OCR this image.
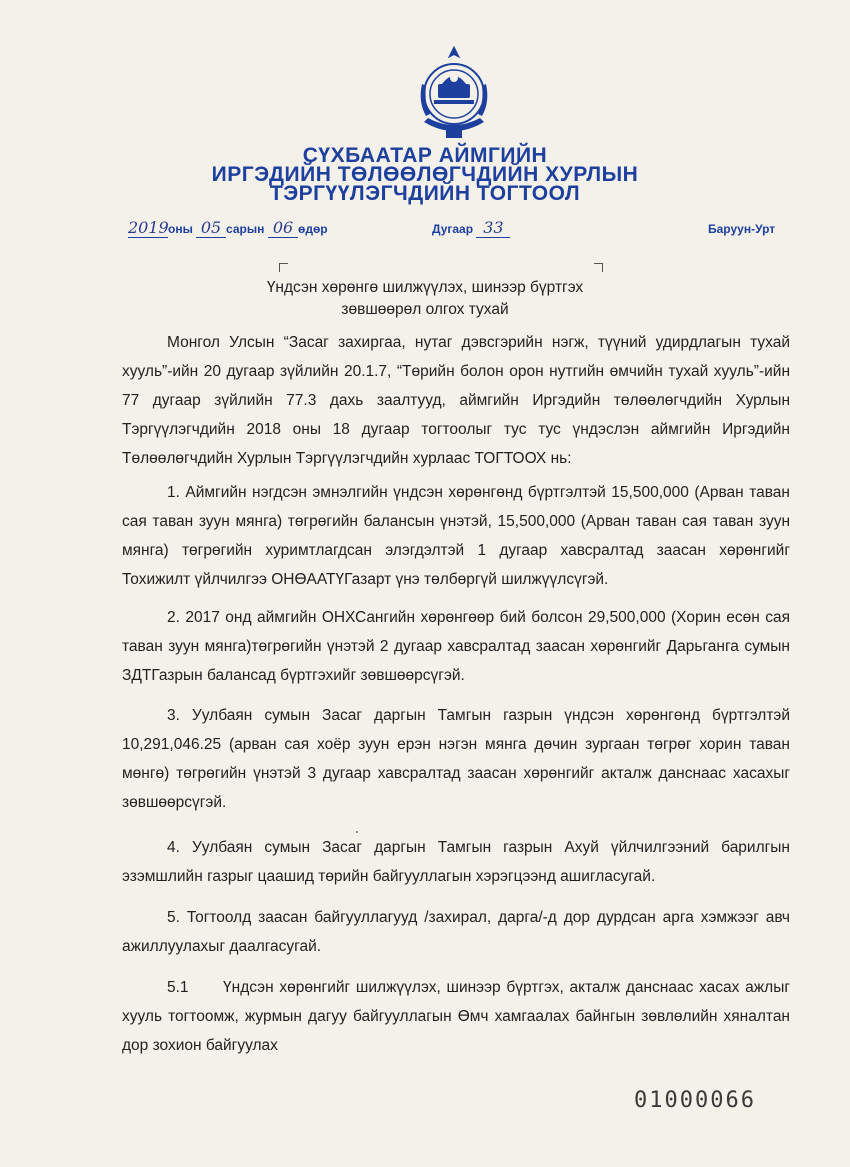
СҮХБААТАР АЙМГИЙН
ИРГЭДИЙН ТӨЛӨӨЛӨГЧДИЙН ХУРЛЫН
ТЭРГҮҮЛЭГЧДИЙН ТОГТООЛ
2019оны 05 сарын 06 өдөр	Дугаар 33	Баруун-Урт
Үндсэн хөрөнгө шилжүүлэх, шинээр бүртгэх
зөвшөөрөл олгох тухай
Монгол Улсын “Засаг захиргаа, нутаг дэвсгэрийн нэгж, түүний удирдлагын тухай хууль”-ийн 20 дугаар зүйлийн 20.1.7, “Төрийн болон орон нутгийн өмчийн тухай хууль”-ийн 77 дугаар зүйлийн 77.3 дахь заалтууд, аймгийн Иргэдийн төлөөлөгчдийн Хурлын Тэргүүлэгчдийн 2018 оны 18 дугаар тогтоолыг тус тус үндэслэн аймгийн Иргэдийн Төлөөлөгчдийн Хурлын Тэргүүлэгчдийн хурлаас ТОГТООХ нь:
1. Аймгийн нэгдсэн эмнэлгийн үндсэн хөрөнгөнд бүртгэлтэй 15,500,000 (Арван таван сая таван зуун мянга) төгрөгийн балансын үнэтэй, 15,500,000 (Арван таван сая таван зуун мянга) төгрөгийн хуримтлагдсан элэгдэлтэй 1 дугаар хавсралтад заасан хөрөнгийг Тохижилт үйлчилгээ ОНӨААТҮГазарт үнэ төлбөргүй шилжүүлсүгэй.
2. 2017 онд аймгийн ОНХСангийн хөрөнгөөр бий болсон 29,500,000 (Хорин есөн сая таван зуун мянга)төгрөгийн үнэтэй 2 дугаар хавсралтад заасан хөрөнгийг Дарьганга сумын ЗДТГазрын балансад бүртгэхийг зөвшөөрсүгэй.
3. Уулбаян сумын Засаг даргын Тамгын газрын үндсэн хөрөнгөнд бүртгэлтэй 10,291,046.25 (арван сая хоёр зуун ерэн нэгэн мянга дөчин зургаан төгрөг хорин таван мөнгө) төгрөгийн үнэтэй 3 дугаар хавсралтад заасан хөрөнгийг акталж данснаас хасахыг зөвшөөрсүгэй.
4. Уулбаян сумын Засаг даргын Тамгын газрын Ахуй үйлчилгээний барилгын эзэмшлийн газрыг цаашид төрийн байгууллагын хэрэгцээнд ашигласугай.
5. Тогтоолд заасан байгууллагууд /захирал, дарга/-д дор дурдсан арга хэмжээг авч ажиллуулахыг даалгасугай.
5.1      Үндсэн хөрөнгийг шилжүүлэх, шинээр бүртгэх, акталж данснаас хасах ажлыг хууль тогтоомж, журмын дагуу байгууллагын Өмч хамгаалах байнгын зөвлөлийн хяналтан дор зохион байгуулах
01000066
